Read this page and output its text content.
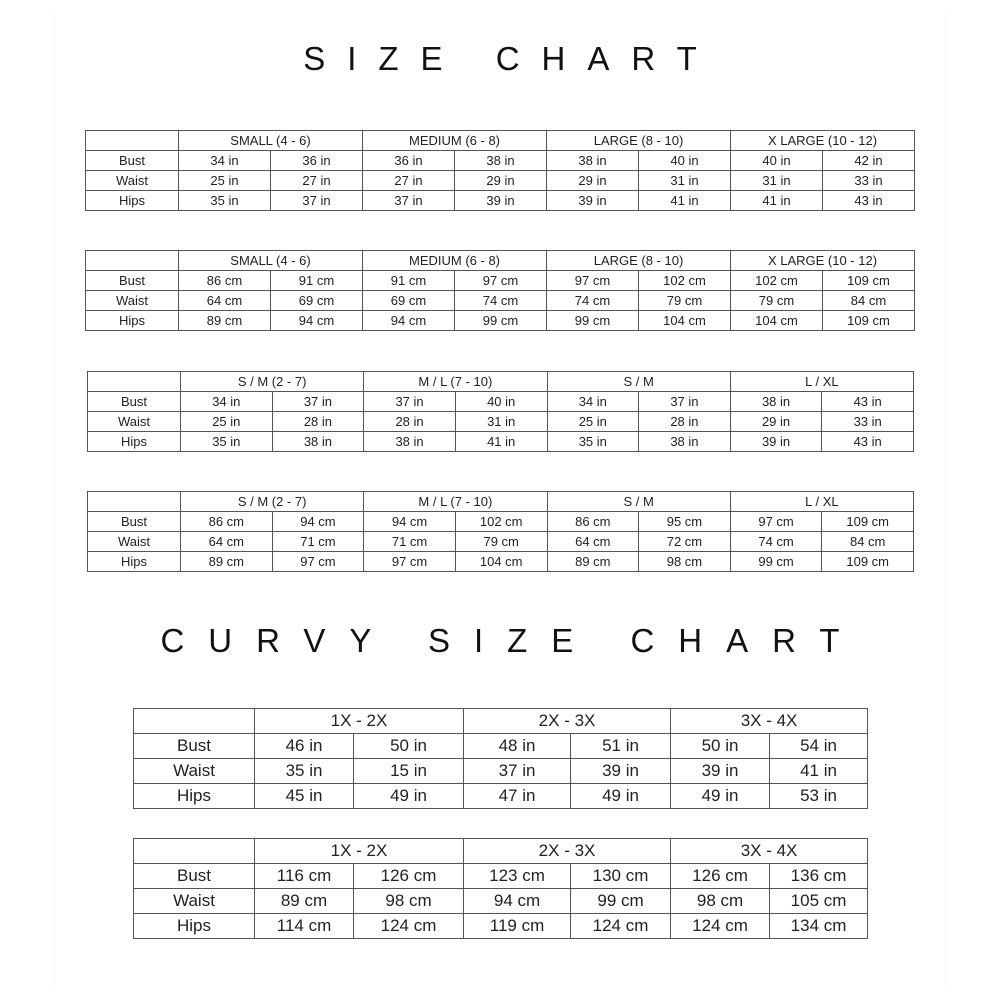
SIZE CHART
	SMALL (4 - 6)		MEDIUM (6 - 8)		LARGE (8 - 10)		X LARGE (10 - 12)	
Bust	34 in	36 in	36 in	38 in	38 in	40 in	40 in	42 in
Waist	25 in	27 in	27 in	29 in	29 in	31 in	31 in	33 in
Hips	35 in	37 in	37 in	39 in	39 in	41 in	41 in	43 in
	SMALL (4 - 6)		MEDIUM (6 - 8)		LARGE (8 - 10)		X LARGE (10 - 12)	
Bust	86 cm	91 cm	91 cm	97 cm	97 cm	102 cm	102 cm	109 cm
Waist	64 cm	69 cm	69 cm	74 cm	74 cm	79 cm	79 cm	84 cm
Hips	89 cm	94 cm	94 cm	99 cm	99 cm	104 cm	104 cm	109 cm
	S / M (2 - 7)		M / L (7 - 10)		S / M		L / XL	
Bust	34 in	37 in	37 in	40 in	34 in	37 in	38 in	43 in
Waist	25 in	28 in	28 in	31 in	25 in	28 in	29 in	33 in
Hips	35 in	38 in	38 in	41 in	35 in	38 in	39 in	43 in
	S / M (2 - 7)		M / L (7 - 10)		S / M		L / XL	
Bust	86 cm	94 cm	94 cm	102 cm	86 cm	95 cm	97 cm	109 cm
Waist	64 cm	71 cm	71 cm	79 cm	64 cm	72 cm	74 cm	84 cm
Hips	89 cm	97 cm	97 cm	104 cm	89 cm	98 cm	99 cm	109 cm
CURVY SIZE CHART
	1X - 2X		2X - 3X		3X - 4X	
Bust	46 in	50 in	48 in	51 in	50 in	54 in
Waist	35 in	15 in	37 in	39 in	39 in	41 in
Hips	45 in	49 in	47 in	49 in	49 in	53 in
	1X - 2X		2X - 3X		3X - 4X	
Bust	116 cm	126 cm	123 cm	130 cm	126 cm	136 cm
Waist	89 cm	98 cm	94 cm	99 cm	98 cm	105 cm
Hips	114 cm	124 cm	119 cm	124 cm	124 cm	134 cm
